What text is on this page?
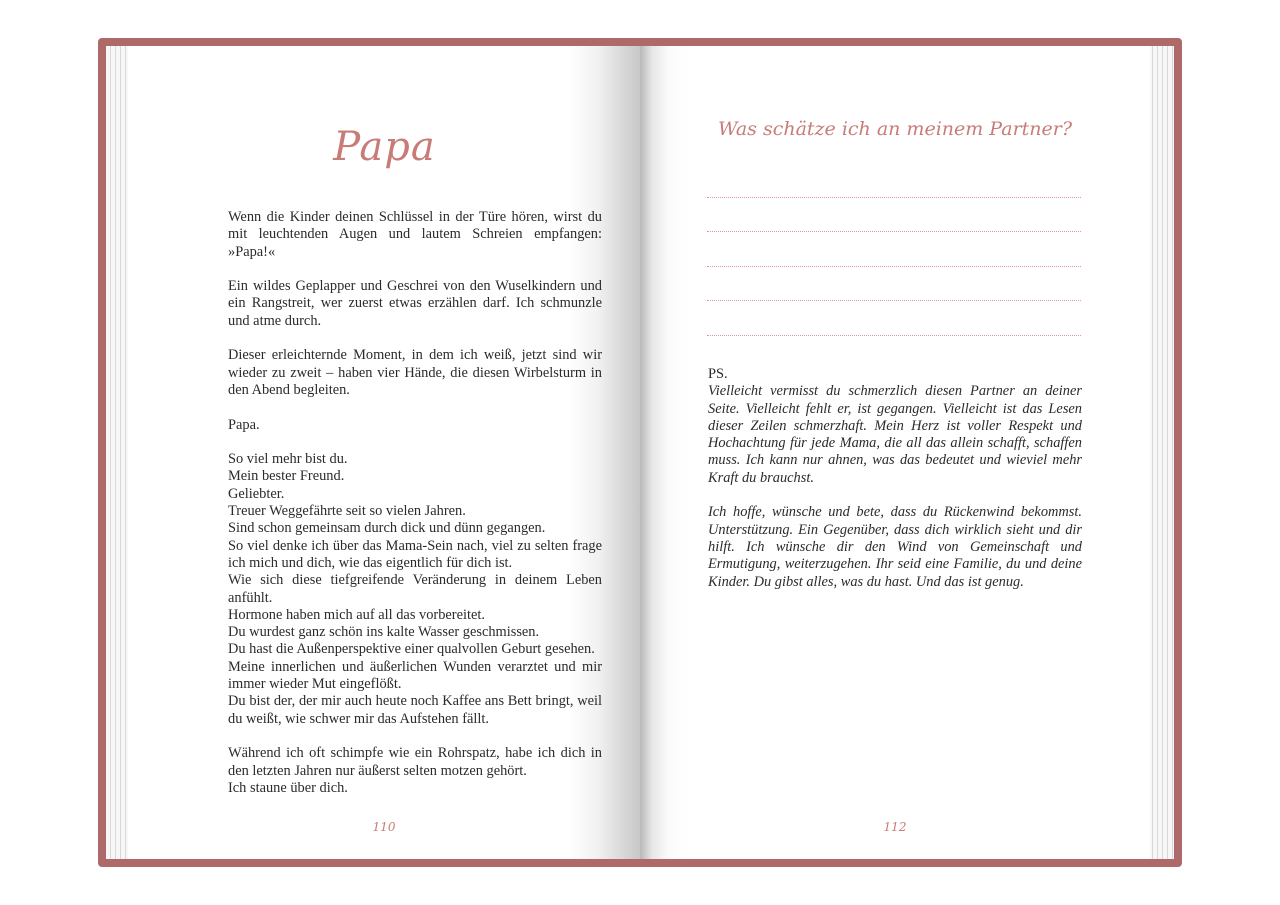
Papa

Wenn die Kinder deinen Schlüssel in der Türe hören, wirst du mit leuchtenden Augen und lautem Schreien empfangen: »Papa!«

Ein wildes Geplapper und Geschrei von den Wuselkindern und ein Rangstreit, wer zuerst etwas erzählen darf. Ich schmunzle und atme durch.

Dieser erleichternde Moment, in dem ich weiß, jetzt sind wir wieder zu zweit – haben vier Hände, die diesen Wirbelsturm in den Abend begleiten.

Papa.

So viel mehr bist du.
Mein bester Freund.
Geliebter.
Treuer Weggefährte seit so vielen Jahren.
Sind schon gemeinsam durch dick und dünn gegangen.
So viel denke ich über das Mama-Sein nach, viel zu selten frage ich mich und dich, wie das eigentlich für dich ist.
Wie sich diese tiefgreifende Veränderung in deinem Leben anfühlt.
Hormone haben mich auf all das vorbereitet.
Du wurdest ganz schön ins kalte Wasser geschmissen.
Du hast die Außenperspektive einer qualvollen Geburt gesehen.
Meine innerlichen und äußerlichen Wunden verarztet und mir immer wieder Mut eingeflößt.
Du bist der, der mir auch heute noch Kaffee ans Bett bringt, weil du weißt, wie schwer mir das Aufstehen fällt.

Während ich oft schimpfe wie ein Rohrspatz, habe ich dich in den letzten Jahren nur äußerst selten motzen gehört.
Ich staune über dich.

110
Was schätze ich an meinem Partner?
PS.

Vielleicht vermisst du schmerzlich diesen Partner an deiner Seite. Vielleicht fehlt er, ist gegangen. Vielleicht ist das Lesen dieser Zeilen schmerzhaft. Mein Herz ist voller Respekt und Hochachtung für jede Mama, die all das allein schafft, schaffen muss. Ich kann nur ahnen, was das bedeutet und wieviel mehr Kraft du brauchst.

Ich hoffe, wünsche und bete, dass du Rückenwind bekommst. Unterstützung. Ein Gegenüber, dass dich wirklich sieht und dir hilft. Ich wünsche dir den Wind von Gemeinschaft und Ermutigung, weiterzugehen. Ihr seid eine Familie, du und deine Kinder. Du gibst alles, was du hast. Und das ist genug.

112
